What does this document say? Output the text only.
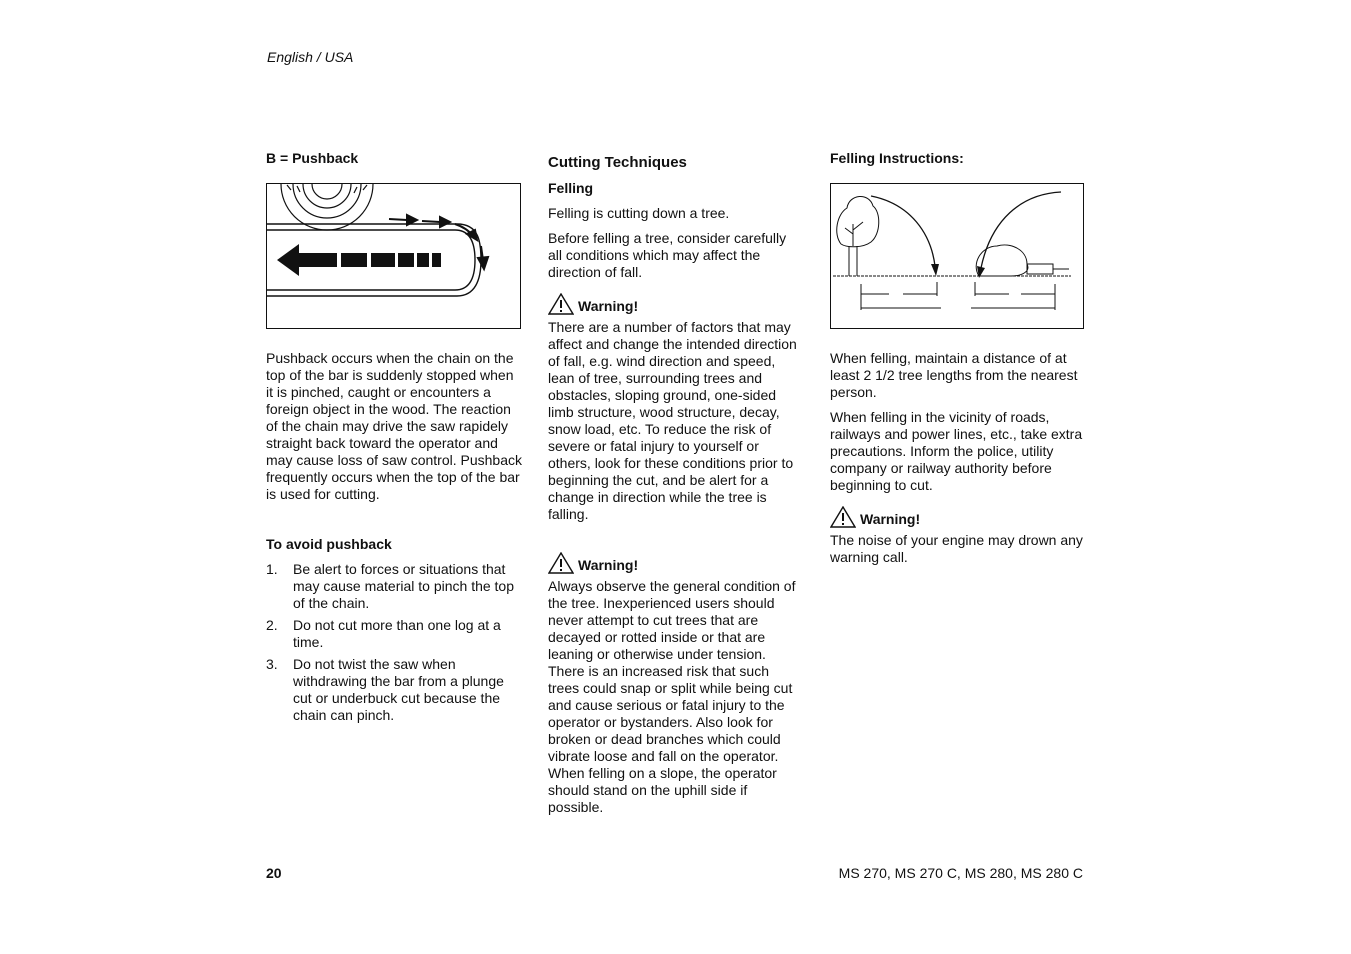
English / USA
B = Pushback

Pushback occurs when the chain on the top of the bar is suddenly stopped when it is pinched, caught or encounters a foreign object in the wood. The reaction of the chain may drive the saw rapidely straight back toward the operator and may cause loss of saw control. Pushback frequently occurs when the top of the bar is used for cutting.

To avoid pushback
1. Be alert to forces or situations that may cause material to pinch the top of the chain.
2. Do not cut more than one log at a time.
3. Do not twist the saw when withdrawing the bar from a plunge cut or underbuck cut because the chain can pinch.
Cutting Techniques
Felling

Felling is cutting down a tree.

Before felling a tree, consider carefully all conditions which may affect the direction of fall.

Warning!

There are a number of factors that may affect and change the intended direction of fall, e.g. wind direction and speed, lean of tree, surrounding trees and obstacles, sloping ground, one-sided limb structure, wood structure, decay, snow load, etc. To reduce the risk of severe or fatal injury to yourself or others, look for these conditions prior to beginning the cut, and be alert for a change in direction while the tree is falling.

Warning!

Always observe the general condition of the tree. Inexperienced users should never attempt to cut trees that are decayed or rotted inside or that are leaning or otherwise under tension. There is an increased risk that such trees could snap or split while being cut and cause serious or fatal injury to the operator or bystanders. Also look for broken or dead branches which could vibrate loose and fall on the operator. When felling on a slope, the operator should stand on the uphill side if possible.

Felling Instructions:

When felling, maintain a distance of at least 2 1/2 tree lengths from the nearest person.

When felling in the vicinity of roads, railways and power lines, etc., take extra precautions. Inform the police, utility company or railway authority before beginning to cut.

Warning!

The noise of your engine may drown any warning call.

20	MS 270, MS 270 C, MS 280, MS 280 C
